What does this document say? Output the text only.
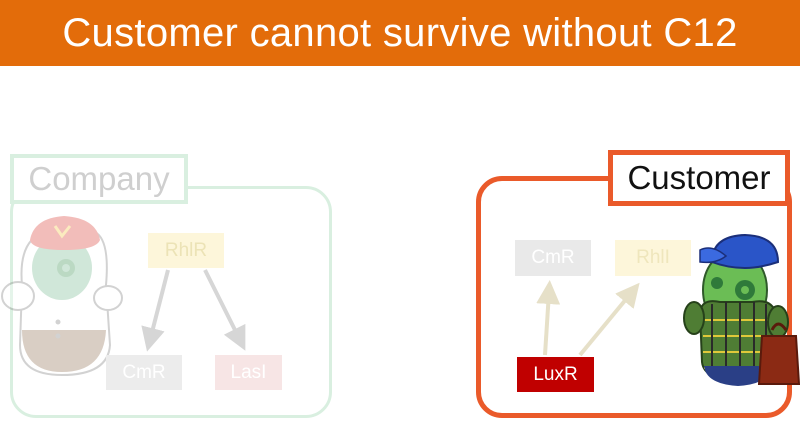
Customer cannot survive without C12
Company	Customer
RhlR
CmR	LasI
CmR	RhlI
LuxR
